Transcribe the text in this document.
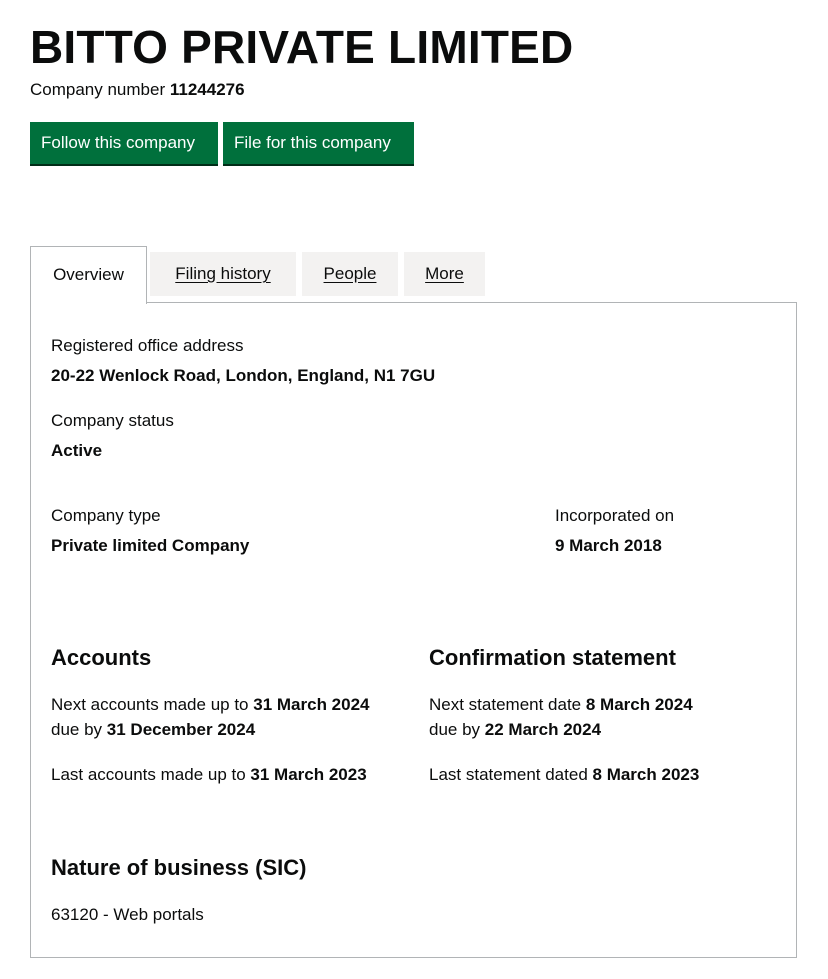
BITTO PRIVATE LIMITED
Company number 11244276
Follow this company	File for this company
Overview	Filing history	People	More
Registered office address
20-22 Wenlock Road, London, England, N1 7GU
Company status
Active
Company type
Private limited Company
Incorporated on
9 March 2018
Accounts
Next accounts made up to 31 March 2024
due by 31 December 2024
Last accounts made up to 31 March 2023
Confirmation statement
Next statement date 8 March 2024
due by 22 March 2024
Last statement dated 8 March 2023
Nature of business (SIC)
63120 - Web portals
